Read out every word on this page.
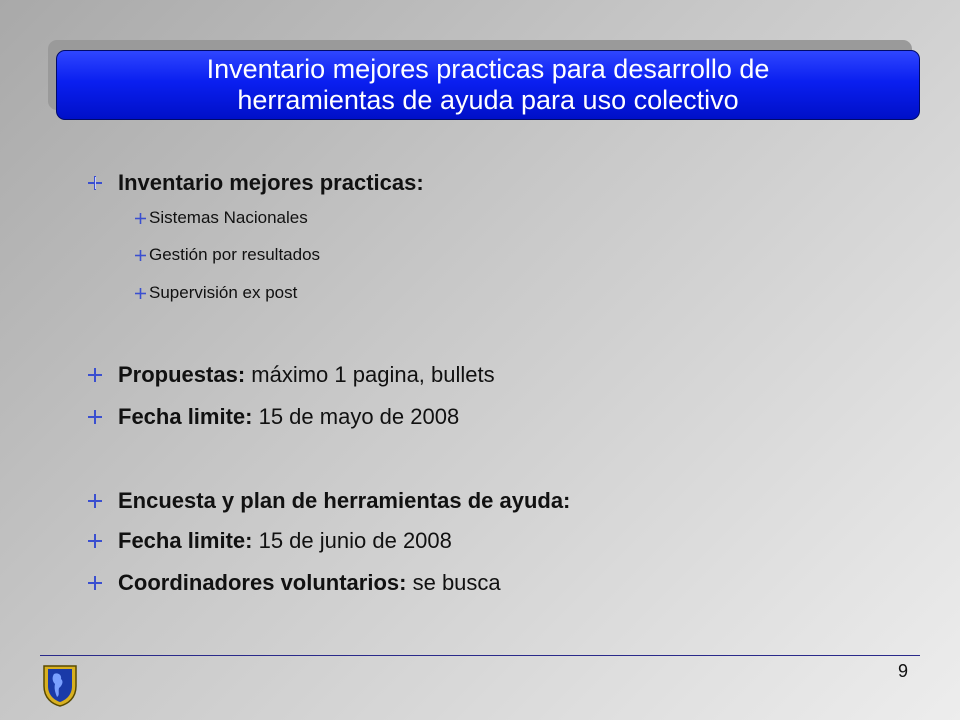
Inventario mejores practicas para desarrollo de
herramientas de ayuda para uso colectivo
Inventario mejores practicas:
Sistemas Nacionales
Gestión por resultados
Supervisión ex post
Propuestas: máximo 1 pagina, bullets
Fecha limite: 15 de mayo de 2008
Encuesta y plan de herramientas de ayuda:
Fecha limite: 15 de junio de 2008
Coordinadores voluntarios: se busca
9
